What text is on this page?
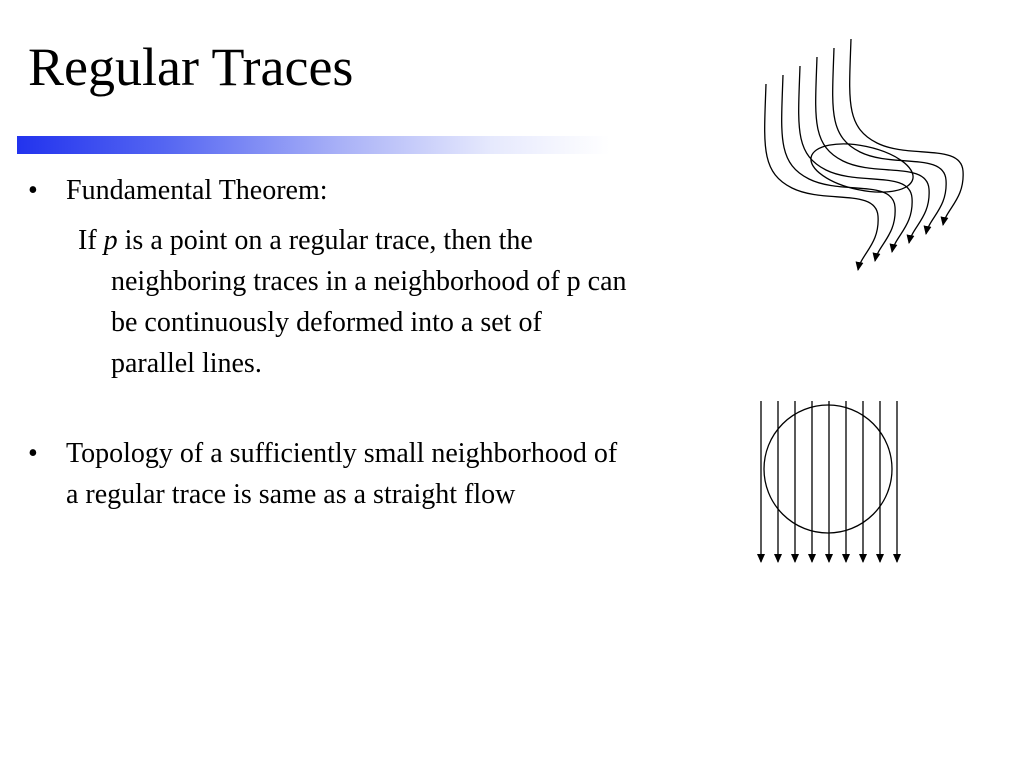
Regular Traces
• Fundamental Theorem:
If p is a point on a regular trace, then the neighboring traces in a neighborhood of p can be continuously deformed into a set of parallel lines.
• Topology of a sufficiently small neighborhood of a regular trace is same as a straight flow
